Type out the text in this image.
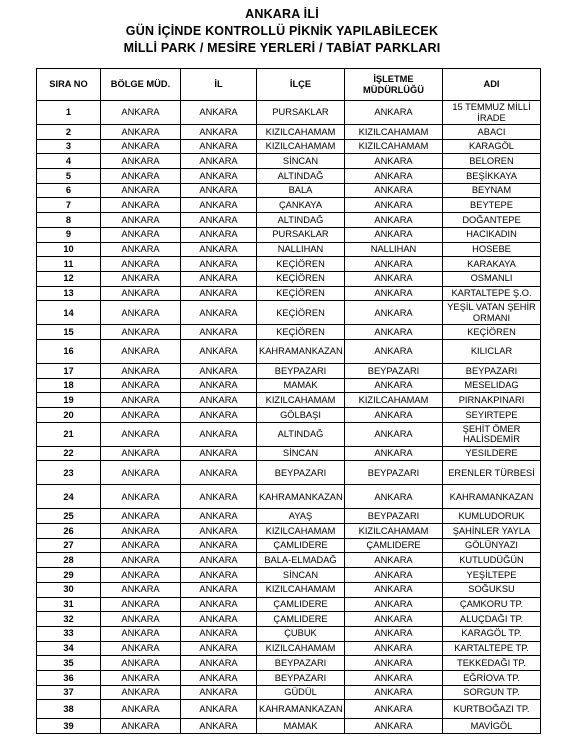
ANKARA İLİ
GÜN İÇİNDE KONTROLLÜ PİKNİK YAPILABİLECEK
MİLLİ PARK / MESİRE YERLERİ / TABİAT PARKLARI
SIRA NO	BÖLGE MÜD.	İL	İLÇE	İŞLETME MÜDÜRLÜĞÜ	ADI
1	ANKARA	ANKARA	PURSAKLAR	ANKARA	15 TEMMUZ MİLLİ İRADE
2	ANKARA	ANKARA	KIZILCAHAMAM	KIZILCAHAMAM	ABACI
3	ANKARA	ANKARA	KIZILCAHAMAM	KIZILCAHAMAM	KARAGÖL
4	ANKARA	ANKARA	SİNCAN	ANKARA	BELOREN
5	ANKARA	ANKARA	ALTINDAĞ	ANKARA	BEŞİKKAYA
6	ANKARA	ANKARA	BALA	ANKARA	BEYNAM
7	ANKARA	ANKARA	ÇANKAYA	ANKARA	BEYTEPE
8	ANKARA	ANKARA	ALTINDAĞ	ANKARA	DOĞANTEPE
9	ANKARA	ANKARA	PURSAKLAR	ANKARA	HACIKADIN
10	ANKARA	ANKARA	NALLIHAN	NALLIHAN	HOSEBE
11	ANKARA	ANKARA	KEÇİÖREN	ANKARA	KARAKAYA
12	ANKARA	ANKARA	KEÇİÖREN	ANKARA	OSMANLI
13	ANKARA	ANKARA	KEÇİÖREN	ANKARA	KARTALTEPE Ş.O.
14	ANKARA	ANKARA	KEÇİÖREN	ANKARA	YEŞİL VATAN ŞEHİR ORMANI
15	ANKARA	ANKARA	KEÇİÖREN	ANKARA	KEÇİÖREN
16	ANKARA	ANKARA	KAHRAMANKAZAN	ANKARA	KILICLAR
17	ANKARA	ANKARA	BEYPAZARI	BEYPAZARI	BEYPAZARI
18	ANKARA	ANKARA	MAMAK	ANKARA	MESELIDAG
19	ANKARA	ANKARA	KIZILCAHAMAM	KIZILCAHAMAM	PIRNAKPINARI
20	ANKARA	ANKARA	GÖLBAŞI	ANKARA	SEYIRTEPE
21	ANKARA	ANKARA	ALTINDAĞ	ANKARA	ŞEHİT ÖMER HALİSDEMİR
22	ANKARA	ANKARA	SİNCAN	ANKARA	YESILDERE
23	ANKARA	ANKARA	BEYPAZARI	BEYPAZARI	ERENLER TÜRBESİ
24	ANKARA	ANKARA	KAHRAMANKAZAN	ANKARA	KAHRAMANKAZAN
25	ANKARA	ANKARA	AYAŞ	BEYPAZARI	KUMLUDORUK
26	ANKARA	ANKARA	KIZILCAHAMAM	KIZILCAHAMAM	ŞAHİNLER YAYLA
27	ANKARA	ANKARA	ÇAMLIDERE	ÇAMLIDERE	GÖLÜNYAZI
28	ANKARA	ANKARA	BALA-ELMADAĞ	ANKARA	KUTLUDÜĞÜN
29	ANKARA	ANKARA	SİNCAN	ANKARA	YEŞİLTEPE
30	ANKARA	ANKARA	KIZILCAHAMAM	ANKARA	SOĞUKSU
31	ANKARA	ANKARA	ÇAMLIDERE	ANKARA	ÇAMKORU TP.
32	ANKARA	ANKARA	ÇAMLIDERE	ANKARA	ALUÇDAĞI TP.
33	ANKARA	ANKARA	ÇUBUK	ANKARA	KARAGÖL TP.
34	ANKARA	ANKARA	KIZILCAHAMAM	ANKARA	KARTALTEPE TP.
35	ANKARA	ANKARA	BEYPAZARI	ANKARA	TEKKEDAĞI TP.
36	ANKARA	ANKARA	BEYPAZARI	ANKARA	EĞRİOVA TP.
37	ANKARA	ANKARA	GÜDÜL	ANKARA	SORGUN TP.
38	ANKARA	ANKARA	KAHRAMANKAZAN	ANKARA	KURTBOĞAZI TP.
39	ANKARA	ANKARA	MAMAK	ANKARA	MAVİGÖL
